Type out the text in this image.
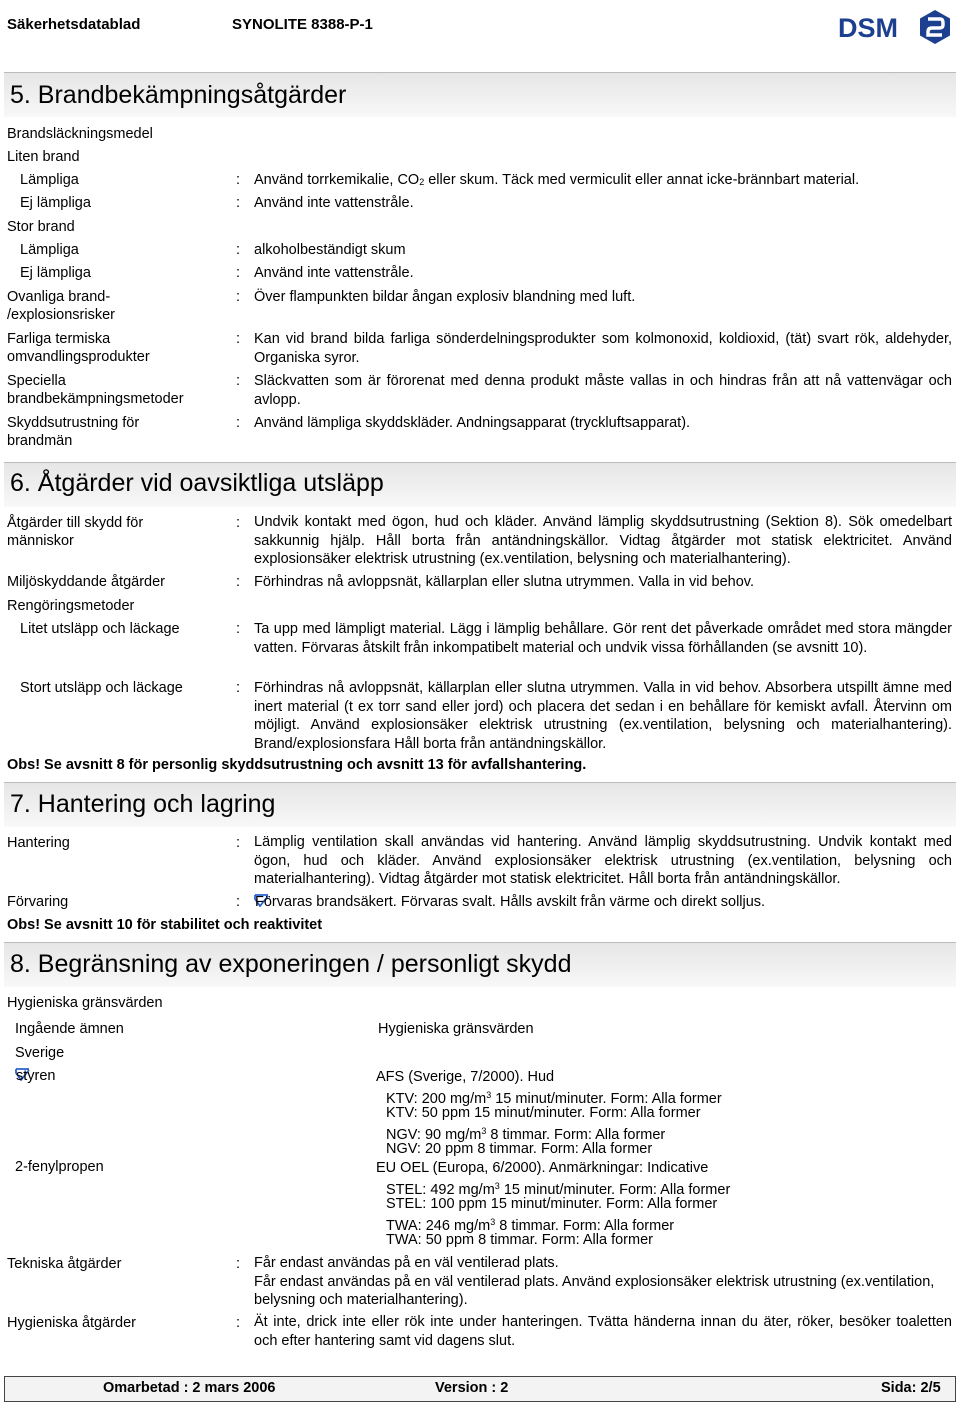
Säkerhetsdatablad	SYNOLITE 8388-P-1	DSM
5. Brandbekämpningsåtgärder
Brandsläckningsmedel
Liten brand
Lämpliga	: Använd torrkemikalie, $CO_2$ eller skum. Täck med vermiculit eller annat icke-brännbart material.
Ej lämpliga	: Använd inte vattenstråle.
Stor brand
Lämpliga	: alkoholbeständigt skum
Ej lämpliga	: Använd inte vattenstråle.
Ovanliga brand-
/explosionsrisker
: Över flampunkten bildar ångan explosiv blandning med luft.
Farliga termiska
omvandlingsprodukter
: Kan vid brand bilda farliga sönderdelningsprodukter som kolmonoxid, koldioxid, (tät) svart rök, aldehyder, Organiska syror.
Speciella
brandbekämpningsmetoder
: Släckvatten som är förorenat med denna produkt måste vallas in och hindras från att nå vattenvägar och avlopp.
Skyddsutrustning för
brandmän
: Använd lämpliga skyddskläder. Andningsapparat (tryckluftsapparat).
6. Åtgärder vid oavsiktliga utsläpp
Åtgärder till skydd för
människor
: Undvik kontakt med ögon, hud och kläder. Använd lämplig skyddsutrustning (Sektion 8). Sök omedelbart sakkunnig hjälp. Håll borta från antändningskällor. Vidtag åtgärder mot statisk elektricitet. Använd explosionsäker elektrisk utrustning (ex.ventilation, belysning och materialhantering).
Miljöskyddande åtgärder	: Förhindras nå avloppsnät, källarplan eller slutna utrymmen. Valla in vid behov.
Rengöringsmetoder
Litet utsläpp och läckage	: Ta upp med lämpligt material. Lägg i lämplig behållare. Gör rent det påverkade området med stora mängder vatten. Förvaras åtskilt från inkompatibelt material och undvik vissa förhållanden (se avsnitt 10).
Stort utsläpp och läckage	: Förhindras nå avloppsnät, källarplan eller slutna utrymmen. Valla in vid behov. Absorbera utspillt ämne med inert material (t ex torr sand eller jord) och placera det sedan i en behållare för kemiskt avfall. Återvinn om möjligt. Använd explosionsäker elektrisk utrustning (ex.ventilation, belysning och materialhantering). Brand/explosionsfara Håll borta från antändningskällor.
Obs! Se avsnitt 8 för personlig skyddsutrustning och avsnitt 13 för avfallshantering.
7. Hantering och lagring
Hantering	: Lämplig ventilation skall användas vid hantering. Använd lämplig skyddsutrustning. Undvik kontakt med ögon, hud och kläder. Använd explosionsäker elektrisk utrustning (ex.ventilation, belysning och materialhantering). Vidtag åtgärder mot statisk elektricitet. Håll borta från antändningskällor.
Förvaring	: Förvaras brandsäkert. Förvaras svalt. Hålls avskilt från värme och direkt solljus.
Obs! Se avsnitt 10 för stabilitet och reaktivitet
8. Begränsning av exponeringen / personligt skydd
Hygieniska gränsvärden
Ingående ämnen	Hygieniska gränsvärden
Sverige
styren	AFS (Sverige, 7/2000). Hud
KTV: 200 $mg/m^3$ 15 minut/minuter. Form: Alla former
KTV: 50 ppm 15 minut/minuter. Form: Alla former
NGV: 90 $mg/m^3$ 8 timmar. Form: Alla former
NGV: 20 ppm 8 timmar. Form: Alla former
2-fenylpropen	EU OEL (Europa, 6/2000). Anmärkningar: Indicative
STEL: 492 $mg/m^3$ 15 minut/minuter. Form: Alla former
STEL: 100 ppm 15 minut/minuter. Form: Alla former
TWA: 246 $mg/m^3$ 8 timmar. Form: Alla former
TWA: 50 ppm 8 timmar. Form: Alla former
Tekniska åtgärder	: Får endast användas på en väl ventilerad plats.
Får endast användas på en väl ventilerad plats. Använd explosionsäker elektrisk utrustning (ex.ventilation, belysning och materialhantering).
Hygieniska åtgärder	: Ät inte, drick inte eller rök inte under hanteringen. Tvätta händerna innan du äter, röker, besöker toaletten och efter hantering samt vid dagens slut.
Omarbetad : 2 mars 2006	Version : 2	Sida: 2/5
